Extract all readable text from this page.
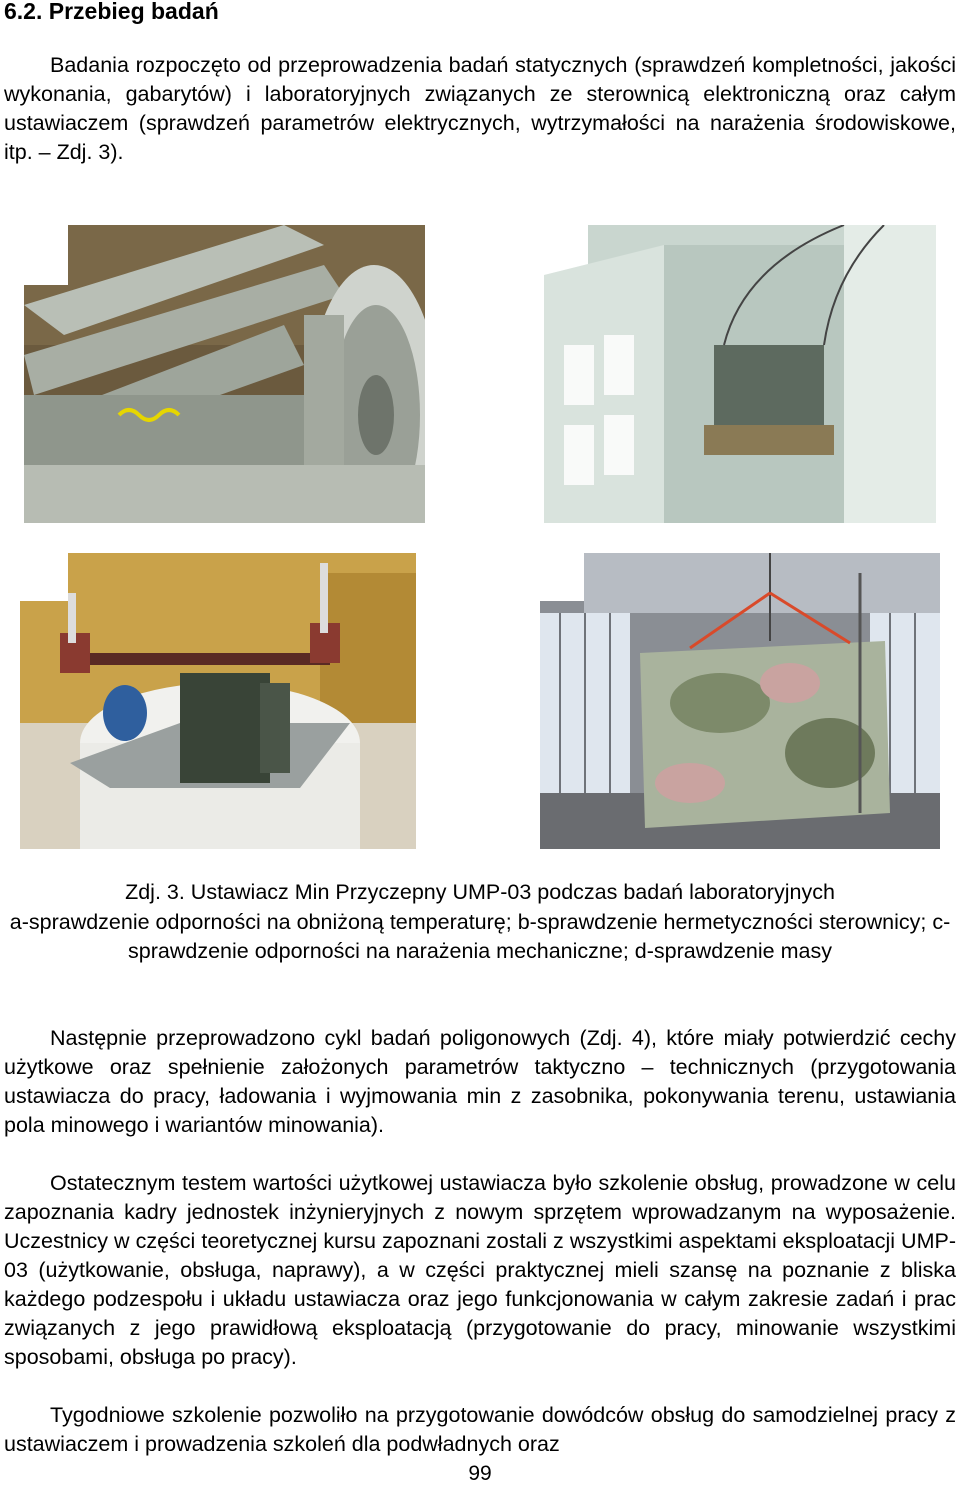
6.2. Przebieg badań
Badania rozpoczęto od przeprowadzenia badań statycznych (sprawdzeń kompletności, jakości wykonania, gabarytów) i laboratoryjnych związanych ze sterownicą elektroniczną oraz całym ustawiaczem (sprawdzeń parametrów elektrycznych, wytrzymałości na narażenia środowiskowe, itp. – Zdj. 3).
Zdj. 3. Ustawiacz Min Przyczepny UMP-03 podczas badań laboratoryjnych
a-sprawdzenie odporności na obniżoną temperaturę; b-sprawdzenie hermetyczności sterownicy; c-sprawdzenie odporności na narażenia mechaniczne; d-sprawdzenie masy
Następnie przeprowadzono cykl badań poligonowych (Zdj. 4), które miały potwierdzić cechy użytkowe oraz spełnienie założonych parametrów taktyczno – technicznych (przygotowania ustawiacza do pracy, ładowania i wyjmowania min z zasobnika, pokonywania terenu, ustawiania pola minowego i wariantów minowania).
Ostatecznym testem wartości użytkowej ustawiacza było szkolenie obsług, prowadzone w celu zapoznania kadry jednostek inżynieryjnych z nowym sprzętem wprowadzanym na wyposażenie. Uczestnicy w części teoretycznej kursu zapoznani zostali z wszystkimi aspektami eksploatacji UMP-03 (użytkowanie, obsługa, naprawy), a w części praktycznej mieli szansę na poznanie z bliska każdego podzespołu i układu ustawiacza oraz jego funkcjonowania w całym zakresie zadań i prac związanych z jego prawidłową eksploatacją (przygotowanie do pracy, minowanie wszystkimi sposobami, obsługa po pracy).
Tygodniowe szkolenie pozwoliło na przygotowanie dowódców obsług do samodzielnej pracy z ustawiaczem i prowadzenia szkoleń dla podwładnych oraz
99
